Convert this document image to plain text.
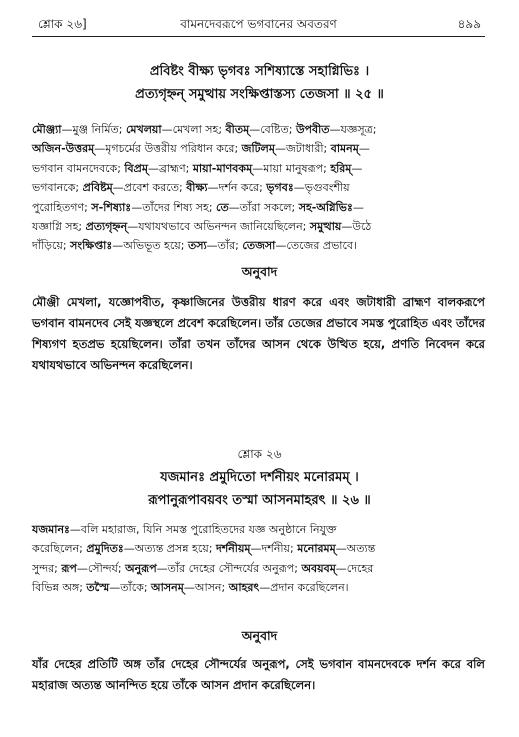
শ্লোক ২৬]	বামনদেবরূপে ভগবানের অবতরণ	৪৯৯
প্রবিষ্টং বীক্ষ্য ভৃগবঃ সশিষ্যাস্তে সহাগ্নিভিঃ ।
প্রত্যগৃহ্নন্ সমুত্থায় সংক্ষিপ্তাস্তস্য তেজসা ॥ ২৫ ॥
মৌঞ্জ্যা—মুঞ্জ নির্মিত; মেখলয়া—মেখলা সহ; বীতম্—বেষ্টিত; উপবীত—যজ্ঞসূত্র;
অজিন-উত্তরম্—মৃগচর্মের উত্তরীয় পরিধান করে; জটিলম্—জটাধারী; বামনম্—
ভগবান বামনদেবকে; বিপ্রম্—ব্রাহ্মণ; মায়া-মাণবকম্—মায়া মানুষরূপ; হরিম্—
ভগবানকে; প্রবিষ্টম্—প্রবেশ করতে; বীক্ষ্য—দর্শন করে; ভৃগবঃ—ভৃগুবংশীয়
পুরোহিতগণ; স-শিষ্যাঃ—তাঁদের শিষ্য সহ; তে—তাঁরা সকলে; সহ-অগ্নিভিঃ—
যজ্ঞাগ্নি সহ; প্রত্যগৃহ্নন্—যথাযথভাবে অভিনন্দন জানিয়েছিলেন; সমুত্থায়—উঠে
দাঁড়িয়ে; সংক্ষিপ্তাঃ—অভিভূত হয়ে; তস্য—তাঁর; তেজসা—তেজের প্রভাবে।
অনুবাদ
মৌঞ্জী মেখলা, যজ্ঞোপবীত, কৃষ্ণাজিনের উত্তরীয় ধারণ করে এবং জটাধারী ব্রাহ্মণ বালকরূপে ভগবান বামনদেব সেই যজ্ঞস্থলে প্রবেশ করেছিলেন। তাঁর তেজের প্রভাবে সমস্ত পুরোহিত এবং তাঁদের শিষ্যগণ হতপ্রভ হয়েছিলেন। তাঁরা তখন তাঁদের আসন থেকে উত্থিত হয়ে, প্রণতি নিবেদন করে যথাযথভাবে অভিনন্দন করেছিলেন।
শ্লোক ২৬
যজমানঃ প্রমুদিতো দর্শনীয়ং মনোরমম্ ।
রূপানুরূপাবয়বং তস্মা আসনমাহরৎ ॥ ২৬ ॥
যজমানঃ—বলি মহারাজ, যিনি সমস্ত পুরোহিতদের যজ্ঞ অনুষ্ঠানে নিযুক্ত
করেছিলেন; প্রমুদিতঃ—অত্যন্ত প্রসন্ন হয়ে; দর্শনীয়ম্—দর্শনীয়; মনোরমম্—অত্যন্ত
সুন্দর; রূপ—সৌন্দর্য; অনুরূপ—তাঁর দেহের সৌন্দর্যের অনুরূপ; অবয়বম্—দেহের
বিভিন্ন অঙ্গ; তস্মৈ—তাঁকে; আসনম্—আসন; আহরৎ—প্রদান করেছিলেন।
অনুবাদ
যাঁর দেহের প্রতিটি অঙ্গ তাঁর দেহের সৌন্দর্যের অনুরূপ, সেই ভগবান বামনদেবকে দর্শন করে বলি মহারাজ অত্যন্ত আনন্দিত হয়ে তাঁকে আসন প্রদান করেছিলেন।
